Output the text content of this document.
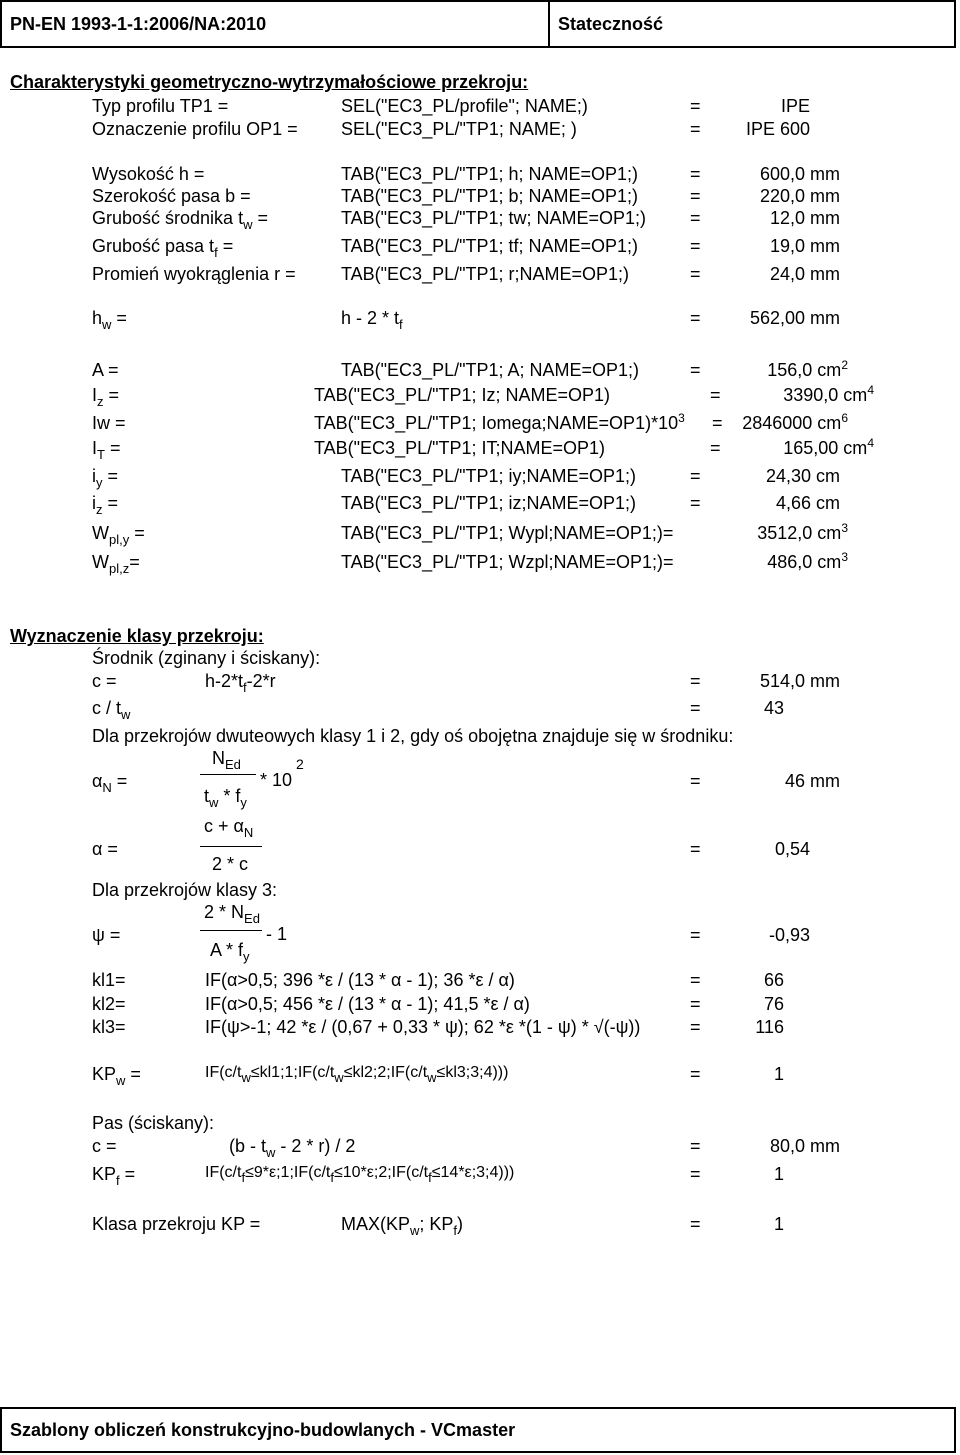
PN-EN 1993-1-1:2006/NA:2010	Stateczność
Charakterystyki geometryczno-wytrzymałościowe przekroju:
Typ profilu TP1 =	SEL("EC3_PL/profile"; NAME;)	=	IPE
Oznaczenie profilu OP1 = SEL("EC3_PL/"TP1; NAME; )	=	IPE 600
Wysokość h =	TAB("EC3_PL/"TP1; h; NAME=OP1;)	=	600,0 mm
Szerokość pasa b =	TAB("EC3_PL/"TP1; b; NAME=OP1;)	=	220,0 mm
Grubość środnika $t_w$ =	TAB("EC3_PL/"TP1; tw; NAME=OP1;) =	12,0 mm
Grubość pasa $t_f$ =	TAB("EC3_PL/"TP1; tf; NAME=OP1;)	=	19,0 mm
Promień wyokrąglenia r =	TAB("EC3_PL/"TP1; r;NAME=OP1;)	=	24,0 mm
$h_w$ =	h - $2 * t_f$	=	562,00 mm
A =	TAB("EC3_PL/"TP1; A; NAME=OP1;)	=	156,0 $cm^2$
$I_z$ =	TAB("EC3_PL/"TP1; Iz; NAME=OP1)	=	3390,0 $cm^4$
Iw =	TAB("EC3_PL/"TP1; $Iomega;NAME=OP1)*10^3 = 2846000$ $cm^6$
$I_T$ =	TAB("EC3_PL/"TP1; IT;NAME=OP1)	=	165,00 $cm^4$
$i_y$ =	TAB("EC3_PL/"TP1; iy;NAME=OP1;)	=	24,30 cm
$i_z$ =	TAB("EC3_PL/"TP1; iz;NAME=OP1;)	=	4,66 cm
$W_{pl,y}$ =	TAB("EC3_PL/"TP1; Wypl;NAME=OP1;)=	3512,0 $cm^3$
$W_{pl,z}=$	TAB("EC3_PL/"TP1; Wzpl;NAME=OP1;)=	486,0 $cm^3$
Wyznaczenie klasy przekroju:
Środnik (zginany i ściskany):
c =	$h-2*t_f-2*r$	=	514,0 mm
c / $t_w$	=	43
Dla przekrojów dwuteowych klasy 1 i 2, gdy oś obojętna znajduje się w środniku:
$\alpha_N$ =	=	46 mm
$N_{Ed}$
* 10
2
$t_w * f_y$
α =	=	0,54
$c + \alpha_N$
2 * c
Dla przekrojów klasy 3:
ψ =	=	-0,93
$2 * N_{Ed}$
- 1
A * $f_y$
kl1=	IF(α>0,5; 396 *ε / (13 * α - 1); 36 *ε / α)	=	66
kl2=	IF(α>0,5; 456 *ε / (13 * α - 1); 41,5 *ε / α)	=	76
kl3=	IF(ψ>-1; 42 *ε / (0,67 + 0,33 * ψ); 62 *ε *(1 - ψ) * √(-ψ))	=	116
$KP_w$ =	$IF(c/t_w\le kl1;1;IF(c/t_w\le kl2;2;IF(c/t_w\le kl3;3;4)))$	=	1
Pas (ściskany):
c =	$(b - t_w - 2 * r) / 2$	=	80,0 mm
$KP_f$ =	$IF(c/t_f\le 9*\varepsilon;1;IF(c/t_f\le 10*\varepsilon;2;IF(c/t_f\le 14*\varepsilon;3;4)))$	=	1
Klasa przekroju KP =	$MAX(KP_w$; $KP_f$)	=	1
Szablony obliczeń konstrukcyjno-budowlanych - VCmaster
